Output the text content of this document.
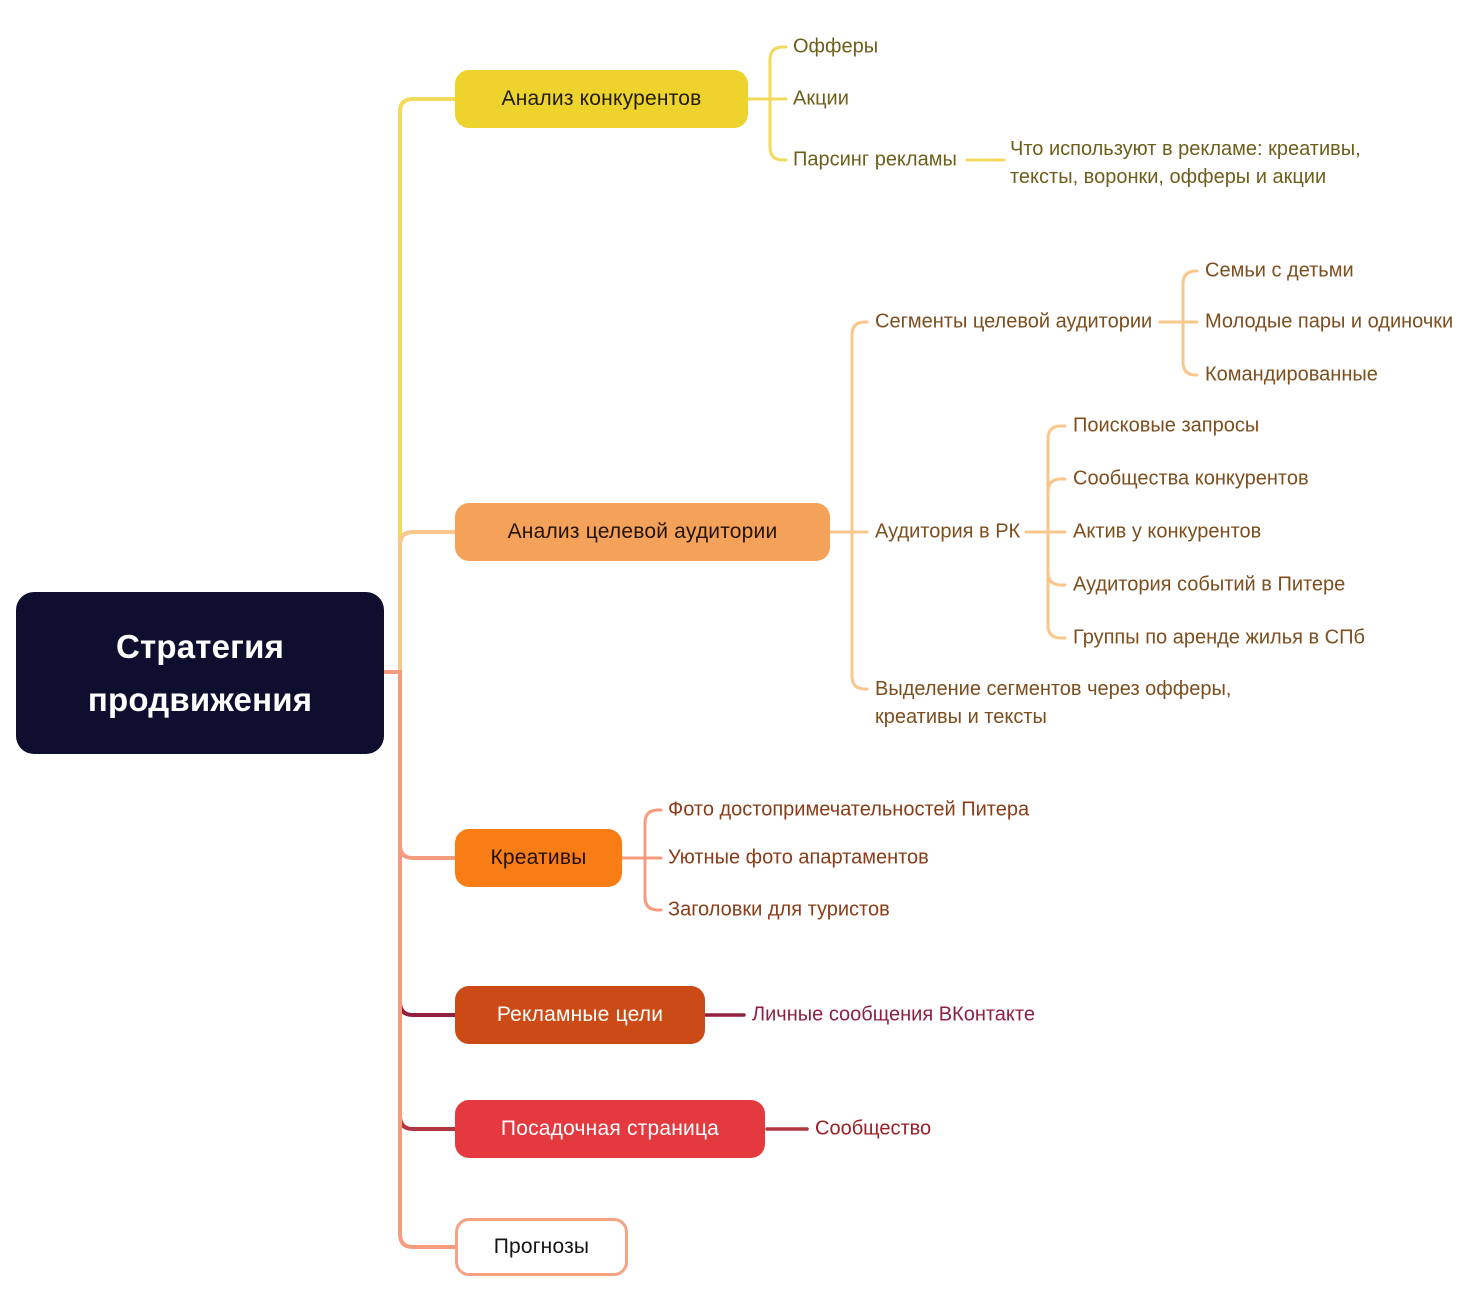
Стратегия продвижения
Анализ конкурентов
Анализ целевой аудитории
Креативы
Рекламные цели
Посадочная страница
Прогнозы
Офферы
Акции
Парсинг рекламы	Что используют в рекламе: креативы, тексты, воронки, офферы и акции
Сегменты целевой аудитории
Аудитория в РК
Выделение сегментов через офферы, креативы и тексты
Семьи с детьми
Молодые пары и одиночки
Командированные
Поисковые запросы
Сообщества конкурентов
Актив у конкурентов
Аудитория событий в Питере
Группы по аренде жилья в СПб
Фото достопримечательностей Питера
Уютные фото апартаментов
Заголовки для туристов
Личные сообщения ВКонтакте
Сообщество
